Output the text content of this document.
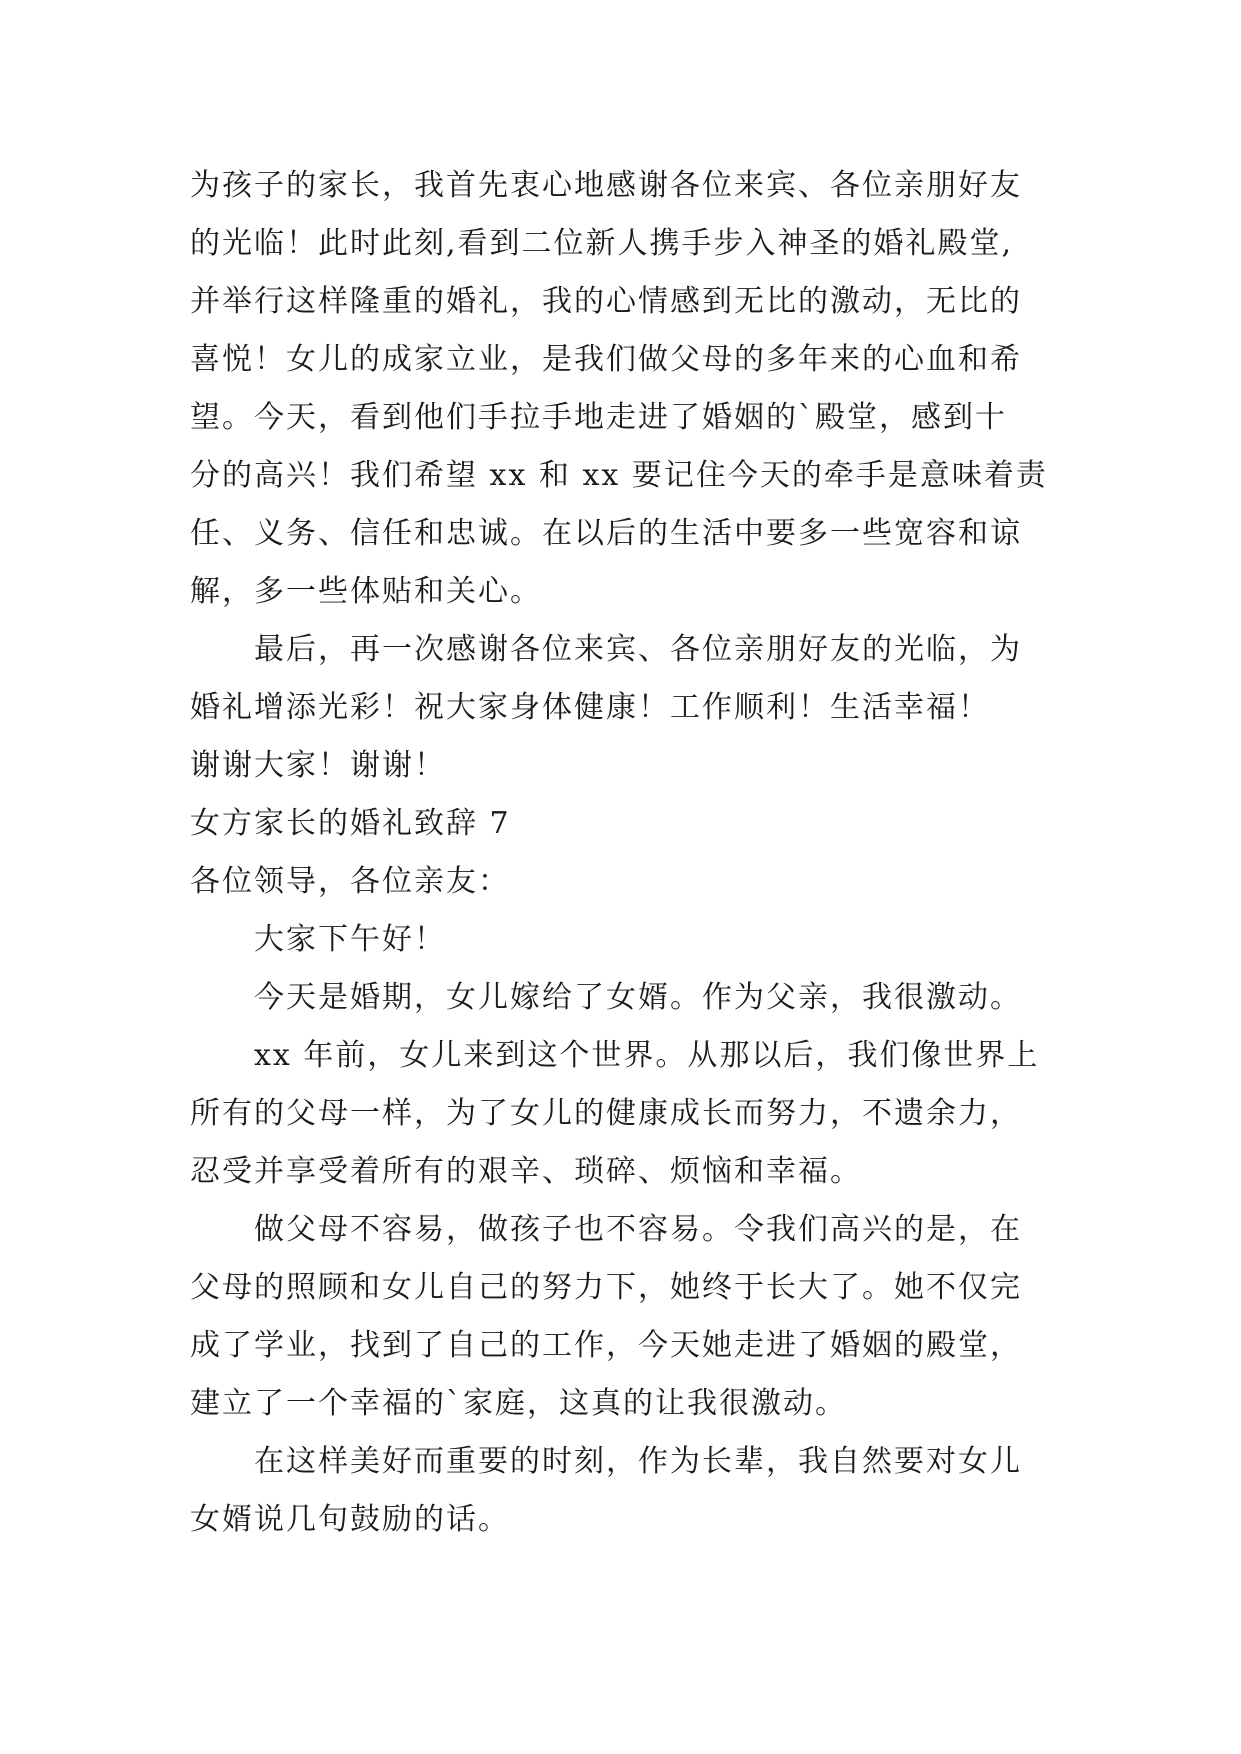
为孩子的家长，我首先衷心地感谢各位来宾、各位亲朋好友
的光临！此时此刻,看到二位新人携手步入神圣的婚礼殿堂,
并举行这样隆重的婚礼，我的心情感到无比的激动，无比的
喜悦！女儿的成家立业，是我们做父母的多年来的心血和希
望。今天，看到他们手拉手地走进了婚姻的`殿堂，感到十
分的高兴！我们希望 xx 和 xx 要记住今天的牵手是意味着责
任、义务、信任和忠诚。在以后的生活中要多一些宽容和谅
解，多一些体贴和关心。
最后，再一次感谢各位来宾、各位亲朋好友的光临，为
婚礼增添光彩！祝大家身体健康！工作顺利！生活幸福！
谢谢大家！谢谢！
女方家长的婚礼致辞 7
各位领导，各位亲友：
大家下午好！
今天是婚期，女儿嫁给了女婿。作为父亲，我很激动。
xx 年前，女儿来到这个世界。从那以后，我们像世界上
所有的父母一样，为了女儿的健康成长而努力，不遗余力，
忍受并享受着所有的艰辛、琐碎、烦恼和幸福。
做父母不容易，做孩子也不容易。令我们高兴的是，在
父母的照顾和女儿自己的努力下，她终于长大了。她不仅完
成了学业，找到了自己的工作，今天她走进了婚姻的殿堂，
建立了一个幸福的`家庭，这真的让我很激动。
在这样美好而重要的时刻，作为长辈，我自然要对女儿
女婿说几句鼓励的话。
